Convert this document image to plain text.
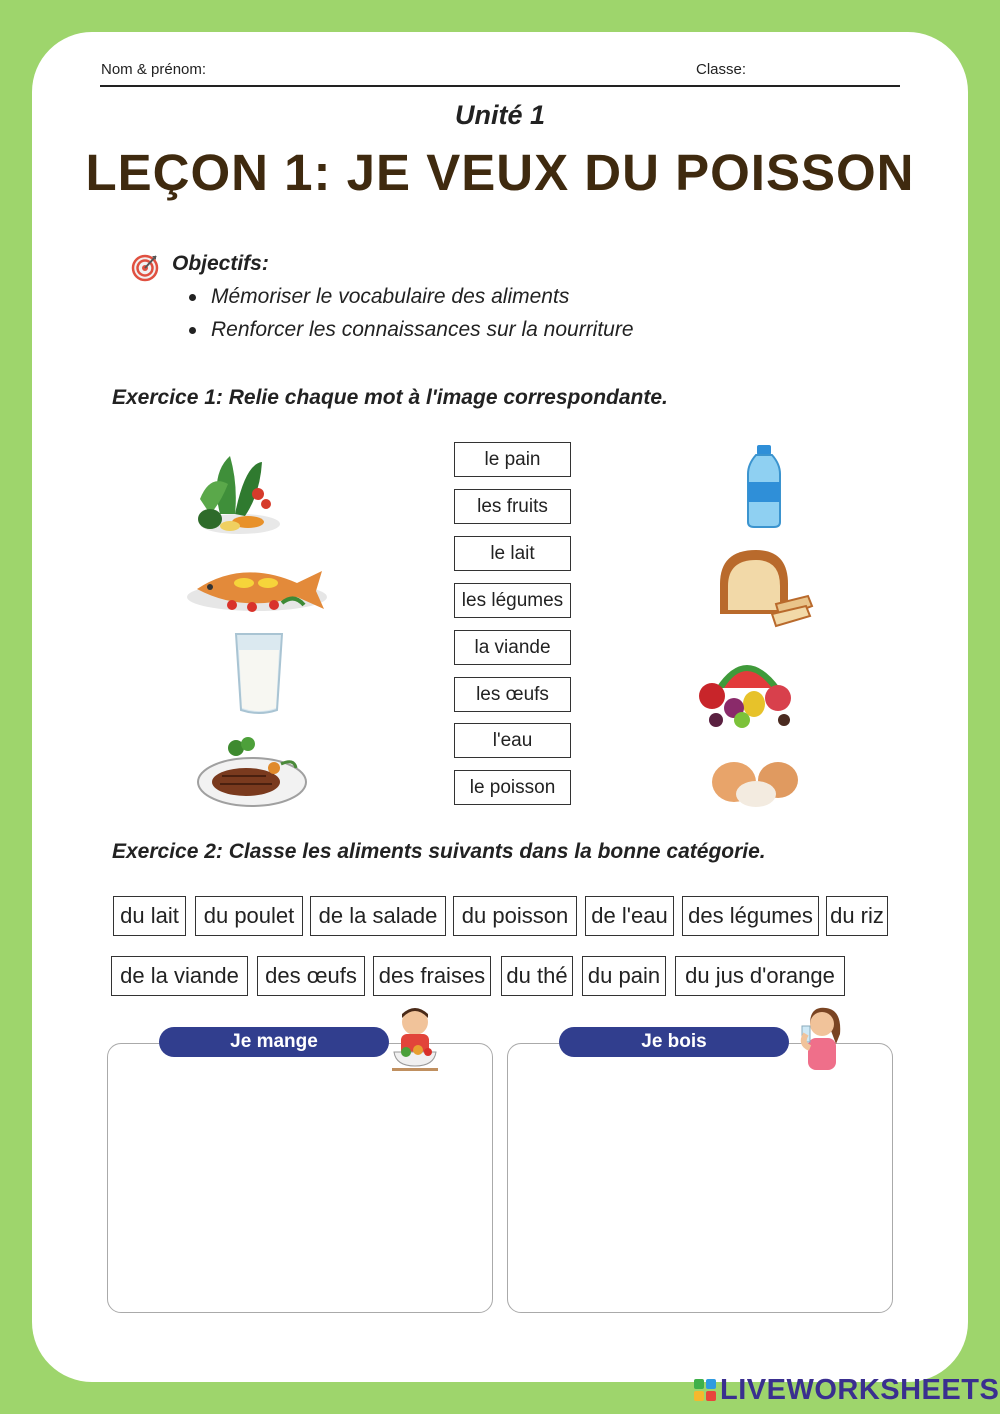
Nom & prénom:	Classe:
Unité 1
LEÇON 1: JE VEUX DU POISSON
Objectifs:
Mémoriser le vocabulaire des aliments
Renforcer les connaissances sur la nourriture
Exercice 1: Relie chaque mot à l'image correspondante.
le pain
les fruits
le lait
les légumes
la viande
les œufs
l'eau
le poisson
Exercice 2: Classe les aliments suivants dans la bonne catégorie.
du lait	du poulet	de la salade	du poisson	de l'eau des légumes du riz
de la viande	des œufs des fraises du thé du pain	du jus d'orange
Je mange	Je bois
LIVEWORKSHEETS
